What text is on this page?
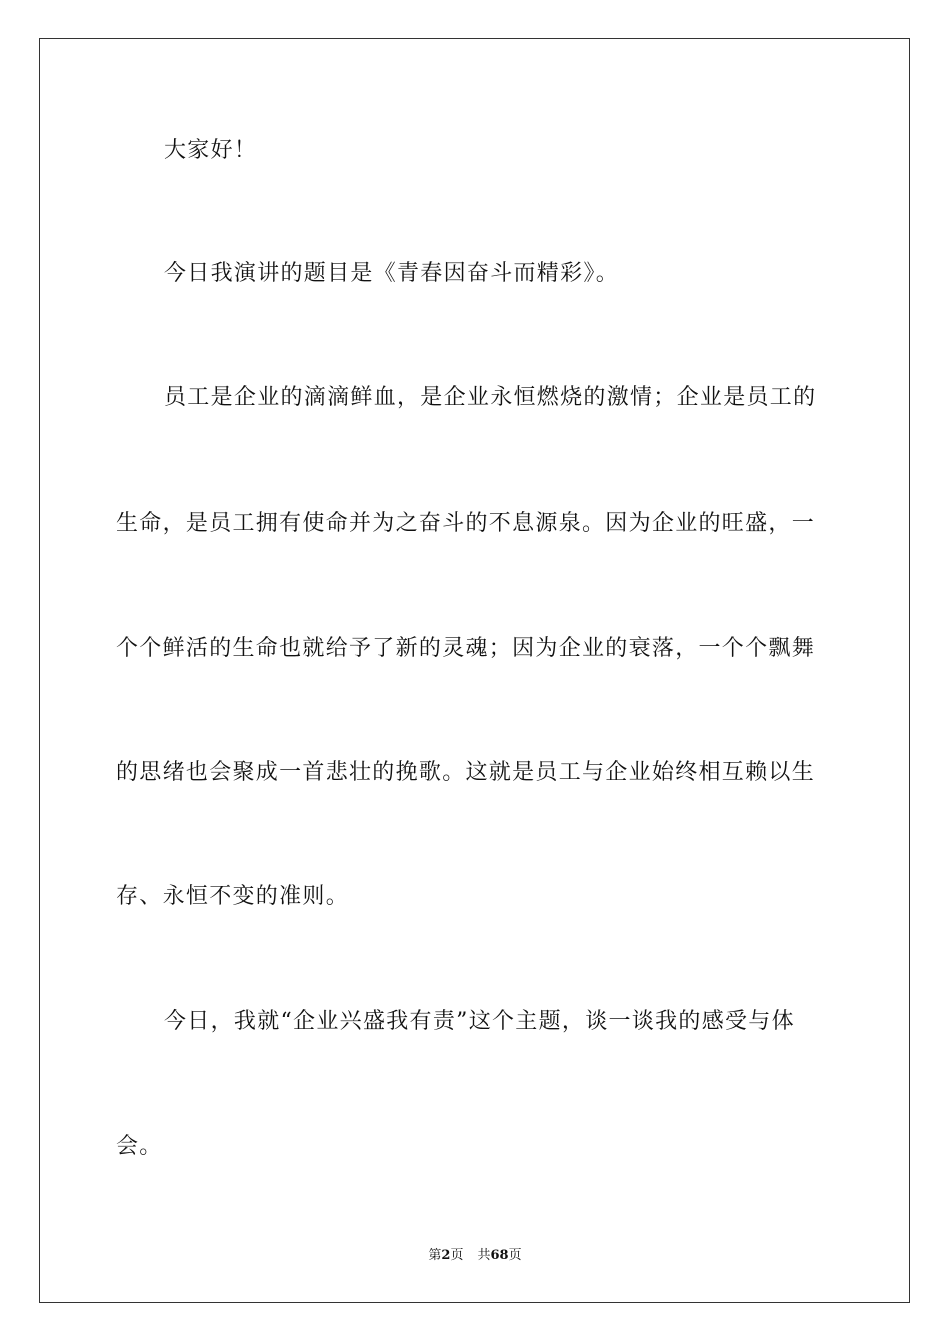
大家好！
今日我演讲的题目是《青春因奋斗而精彩》。
员工是企业的滴滴鲜血，是企业永恒燃烧的激情；企业是员工的
生命，是员工拥有使命并为之奋斗的不息源泉。因为企业的旺盛，一
个个鲜活的生命也就给予了新的灵魂；因为企业的衰落，一个个飘舞
的思绪也会聚成一首悲壮的挽歌。这就是员工与企业始终相互赖以生
存、永恒不变的准则。
今日，我就“企业兴盛我有责”这个主题，谈一谈我的感受与体
会。
第2页 共68页
